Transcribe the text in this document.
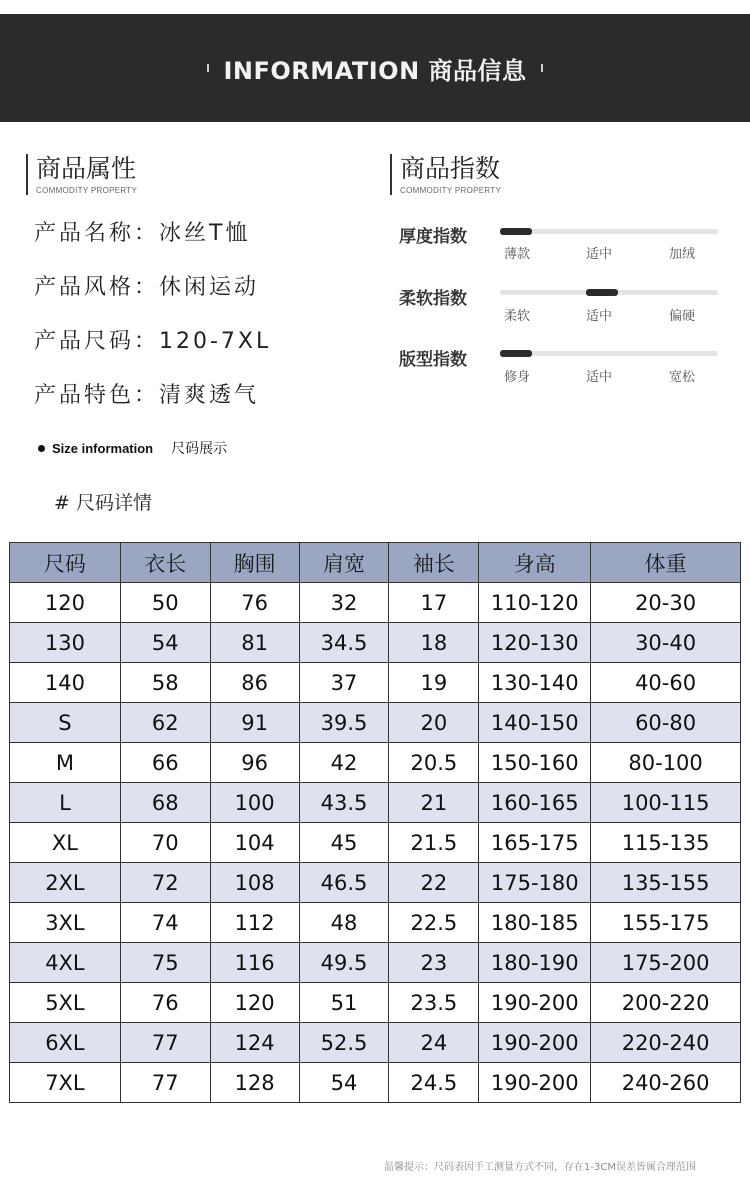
INFORMATION 商品信息
商品属性
COMMODITY PROPERTY
产品名称：冰丝T恤
产品风格：休闲运动
产品尺码：120-7XL
产品特色：清爽透气
商品指数
COMMODITY PROPERTY
厚度指数
薄款	适中	加绒
柔软指数
柔软	适中	偏硬
版型指数
修身	适中	宽松
Size information 尺码展示
# 尺码详情
尺码	衣长	胸围	肩宽	袖长	身高	体重
120	50	76	32	17	110-120	20-30
130	54	81	34.5	18	120-130	30-40
140	58	86	37	19	130-140	40-60
S	62	91	39.5	20	140-150	60-80
M	66	96	42	20.5	150-160	80-100
L	68	100	43.5	21	160-165	100-115
XL	70	104	45	21.5	165-175	115-135
2XL	72	108	46.5	22	175-180	135-155
3XL	74	112	48	22.5	180-185	155-175
4XL	75	116	49.5	23	180-190	175-200
5XL	76	120	51	23.5	190-200	200-220
6XL	77	124	52.5	24	190-200	220-240
7XL	77	128	54	24.5	190-200	240-260
温馨提示：尺码表因手工测量方式不同，存在1-3CM误差皆属合理范围
